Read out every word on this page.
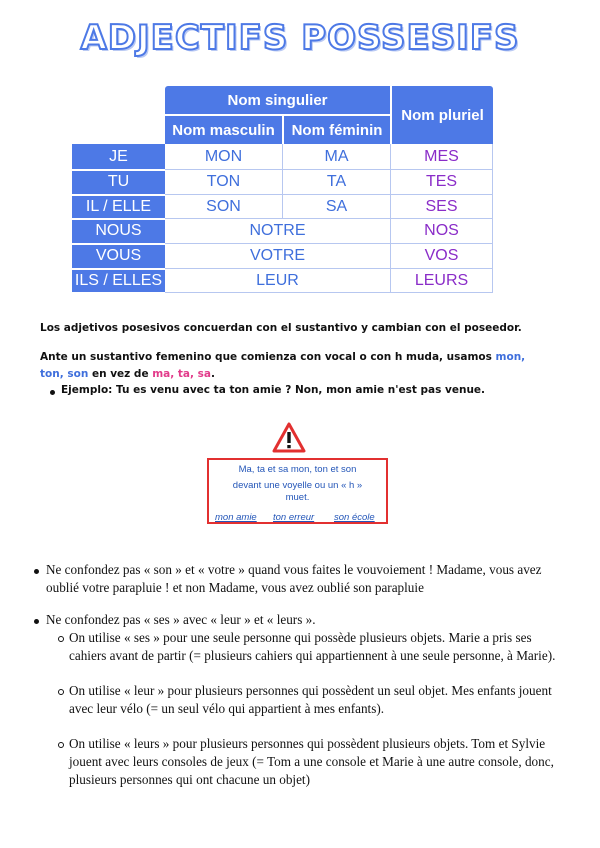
ADJECTIFS POSSESIFS
Nom singulier
Nom masculin	Nom féminin
Nom pluriel
JE	MON	MA	MES
TU	TON	TA	TES
IL / ELLE	SON	SA	SES
NOUS	NOTRE	NOS
VOUS	VOTRE	VOS
ILS / ELLES	LEUR	LEURS
Los adjetivos posesivos concuerdan con el sustantivo y cambian con el poseedor.
Ante un sustantivo femenino que comienza con vocal o con h muda, usamos mon,
ton, son en vez de ma, ta, sa.
Ejemplo: Tu es venu avec ta ton amie ? Non, mon amie n'est pas venue.
Ma, ta et sa mon, ton et son
devant une voyelle ou un « h »
muet.
mon amie ton erreur son école
Ne confondez pas « son » et « votre » quand vous faites le vouvoiement ! Madame, vous avez
oublié votre parapluie ! et non Madame, vous avez oublié son parapluie
Ne confondez pas « ses » avec « leur » et « leurs ».
On utilise « ses » pour une seule personne qui possède plusieurs objets. Marie a pris ses
cahiers avant de partir (= plusieurs cahiers qui appartiennent à une seule personne, à Marie).
On utilise « leur » pour plusieurs personnes qui possèdent un seul objet. Mes enfants jouent
avec leur vélo (= un seul vélo qui appartient à mes enfants).
On utilise « leurs » pour plusieurs personnes qui possèdent plusieurs objets. Tom et Sylvie
jouent avec leurs consoles de jeux (= Tom a une console et Marie à une autre console, donc,
plusieurs personnes qui ont chacune un objet)
